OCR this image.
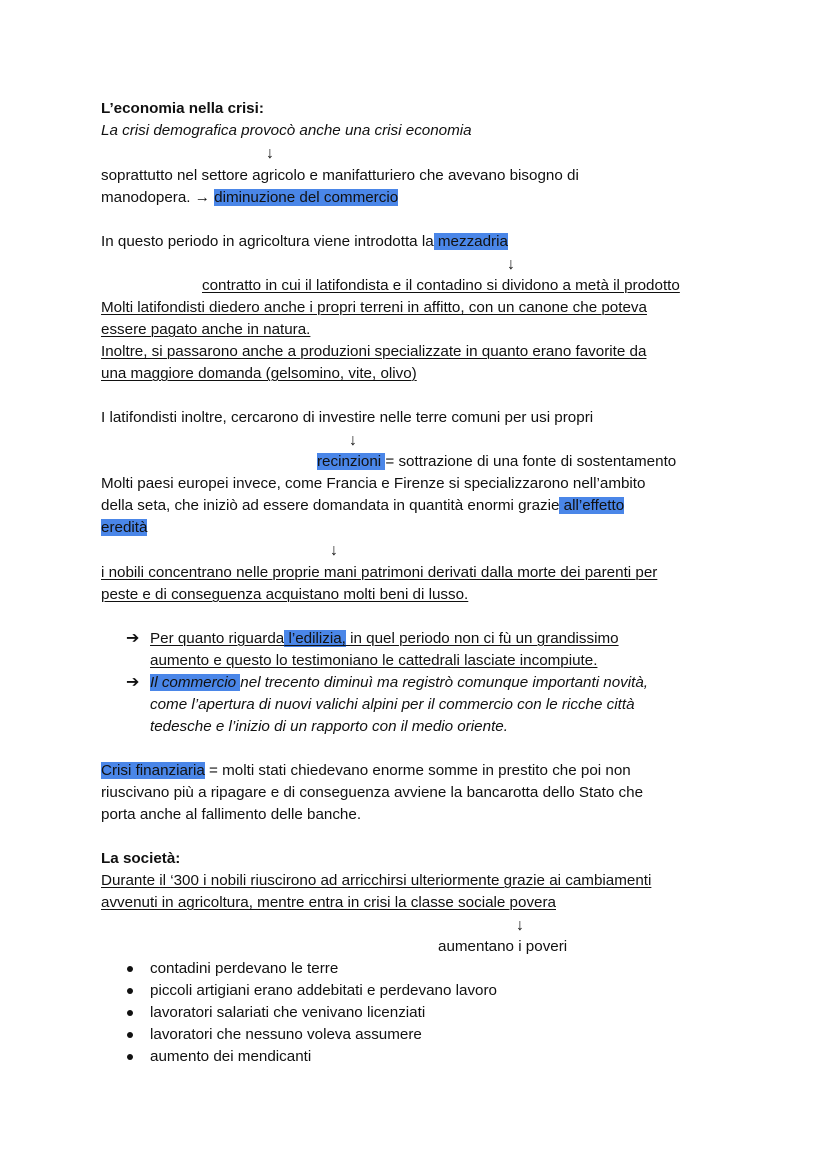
L’economia nella crisi:
La crisi demografica provocò anche una crisi economia
↓
soprattutto nel settore agricolo e manifatturiero che avevano bisogno di
manodopera. → diminuzione del commercio
In questo periodo in agricoltura viene introdotta la mezzadria
↓
contratto in cui il latifondista e il contadino si dividono a metà il prodotto
Molti latifondisti diedero anche i propri terreni in affitto, con un canone che poteva
essere pagato anche in natura.
Inoltre, si passarono anche a produzioni specializzate in quanto erano favorite da
una maggiore domanda (gelsomino, vite, olivo)
I latifondisti inoltre, cercarono di investire nelle terre comuni per usi propri
↓
recinzioni = sottrazione di una fonte di sostentamento
Molti paesi europei invece, come Francia e Firenze si specializzarono nell’ambito
della seta, che iniziò ad essere domandata in quantità enormi grazie all’effetto
eredità
↓
i nobili concentrano nelle proprie mani patrimoni derivati dalla morte dei parenti per
peste e di conseguenza acquistano molti beni di lusso.
➔ Per quanto riguarda l’edilizia, in quel periodo non ci fù un grandissimo
aumento e questo lo testimoniano le cattedrali lasciate incompiute.
➔ Il commercio nel trecento diminuì ma registrò comunque importanti novità,
come l’apertura di nuovi valichi alpini per il commercio con le ricche città
tedesche e l’inizio di un rapporto con il medio oriente.
Crisi finanziaria = molti stati chiedevano enorme somme in prestito che poi non
riuscivano più a ripagare e di conseguenza avviene la bancarotta dello Stato che
porta anche al fallimento delle banche.
La società:
Durante il ‘300 i nobili riuscirono ad arricchirsi ulteriormente grazie ai cambiamenti
avvenuti in agricoltura, mentre entra in crisi la classe sociale povera
↓
aumentano i poveri
contadini perdevano le terre
piccoli artigiani erano addebitati e perdevano lavoro
lavoratori salariati che venivano licenziati
lavoratori che nessuno voleva assumere
aumento dei mendicanti
